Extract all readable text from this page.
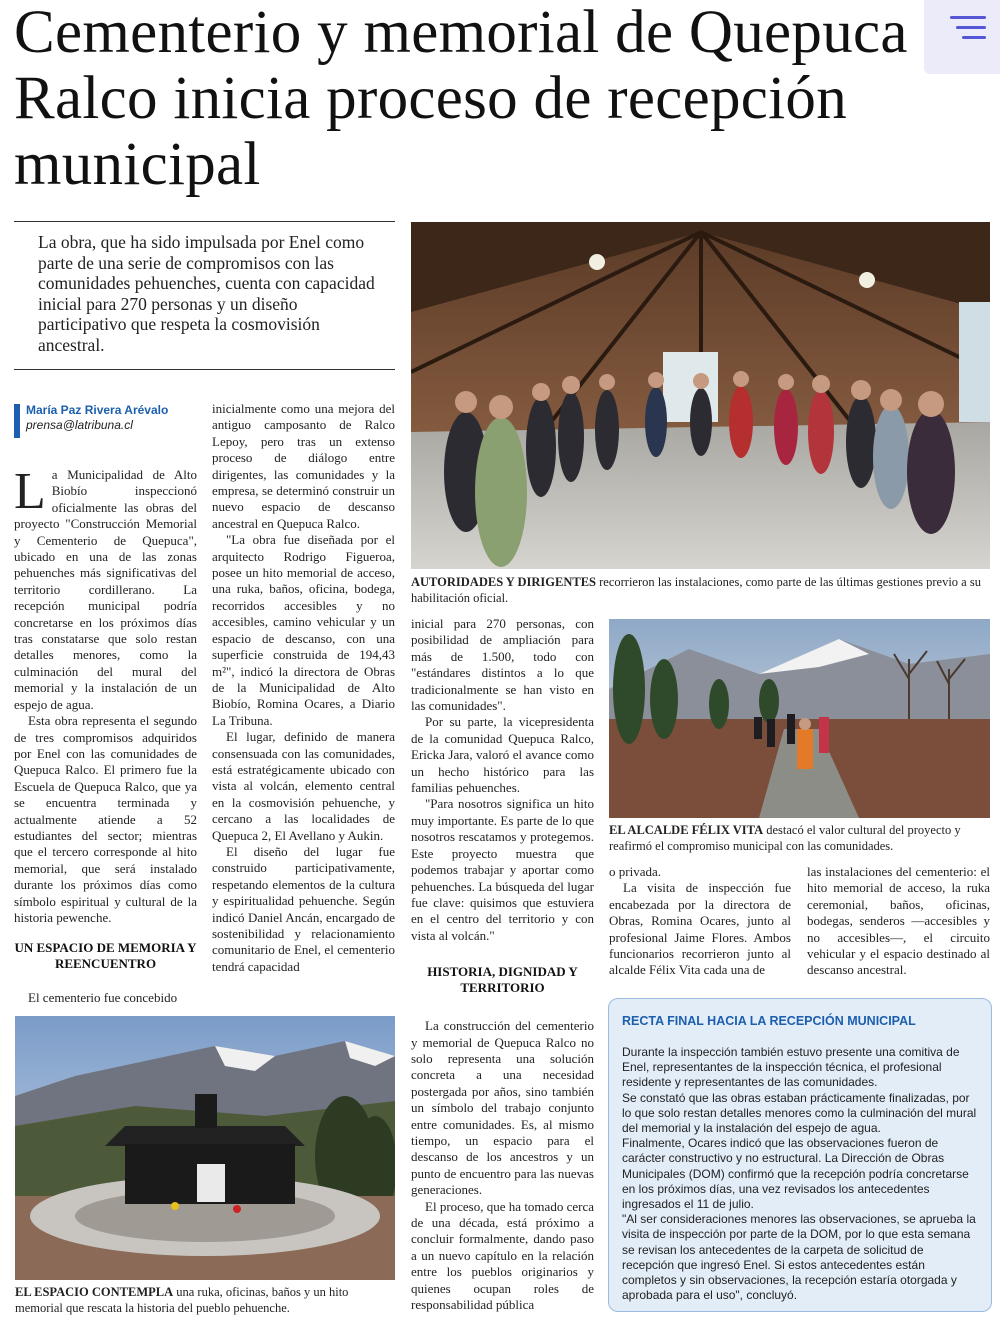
Cementerio y memorial de Quepuca Ralco inicia proceso de recepción municipal
La obra, que ha sido impulsada por Enel como parte de una serie de compromisos con las comunidades pehuenches, cuenta con capacidad inicial para 270 personas y un diseño participativo que respeta la cosmovisión ancestral.
María Paz Rivera Arévalo
prensa@latribuna.cl

La Municipalidad de Alto Biobío inspeccionó oficialmente las obras del proyecto "Construcción Memorial y Cementerio de Quepuca", ubicado en una de las zonas pehuenches más significativas del territorio cordillerano. La recepción municipal podría concretarse en los próximos días tras constatarse que solo restan detalles menores, como la culminación del mural del memorial y la instalación de un espejo de agua.

Esta obra representa el segundo de tres compromisos adquiridos por Enel con las comunidades de Quepuca Ralco. El primero fue la Escuela de Quepuca Ralco, que ya se encuentra terminada y actualmente atiende a 52 estudiantes del sector; mientras que el tercero corresponde al hito memorial, que será instalado durante los próximos días como símbolo espiritual y cultural de la historia pewenche.

UN ESPACIO DE MEMORIA Y REENCUENTRO

El cementerio fue concebido

inicialmente como una mejora del antiguo camposanto de Ralco Lepoy, pero tras un extenso proceso de diálogo entre dirigentes, las comunidades y la empresa, se determinó construir un nuevo espacio de descanso ancestral en Quepuca Ralco.

"La obra fue diseñada por el arquitecto Rodrigo Figueroa, posee un hito memorial de acceso, una ruka, baños, oficina, bodega, recorridos accesibles y no accesibles, camino vehicular y un espacio de descanso, con una superficie construida de 194,43 m²", indicó la directora de Obras de la Municipalidad de Alto Biobío, Romina Ocares, a Diario La Tribuna.

El lugar, definido de manera consensuada con las comunidades, está estratégicamente ubicado con vista al volcán, elemento central en la cosmovisión pehuenche, y cercano a las localidades de Quepuca 2, El Avellano y Aukin.

El diseño del lugar fue construido participativamente, respetando elementos de la cultura y espiritualidad pehuenche. Según indicó Daniel Ancán, encargado de sostenibilidad y relacionamiento comunitario de Enel, el cementerio tendrá capacidad

AUTORIDADES Y DIRIGENTES recorrieron las instalaciones, como parte de las últimas gestiones previo a su habilitación oficial.

inicial para 270 personas, con posibilidad de ampliación para más de 1.500, todo con "estándares distintos a lo que tradicionalmente se han visto en las comunidades".

Por su parte, la vicepresidenta de la comunidad Quepuca Ralco, Ericka Jara, valoró el avance como un hecho histórico para las familias pehuenches.

"Para nosotros significa un hito muy importante. Es parte de lo que nosotros rescatamos y protegemos. Este proyecto muestra que podemos trabajar y aportar como pehuenches. La búsqueda del lugar fue clave: quisimos que estuviera en el centro del territorio y con vista al volcán."

HISTORIA, DIGNIDAD Y TERRITORIO

La construcción del cementerio y memorial de Quepuca Ralco no solo representa una solución concreta a una necesidad postergada por años, sino también un símbolo del trabajo conjunto entre comunidades. Es, al mismo tiempo, un espacio para el descanso de los ancestros y un punto de encuentro para las nuevas generaciones.

El proceso, que ha tomado cerca de una década, está próximo a concluir formalmente, dando paso a un nuevo capítulo en la relación entre los pueblos originarios y quienes ocupan roles de responsabilidad pública

EL ALCALDE FÉLIX VITA destacó el valor cultural del proyecto y reafirmó el compromiso municipal con las comunidades.

o privada.

La visita de inspección fue encabezada por la directora de Obras, Romina Ocares, junto al profesional Jaime Flores. Ambos funcionarios recorrieron junto al alcalde Félix Vita cada una de

las instalaciones del cementerio: el hito memorial de acceso, la ruka ceremonial, baños, oficinas, bodegas, senderos —accesibles y no accesibles—, el circuito vehicular y el espacio destinado al descanso ancestral.

EL ESPACIO CONTEMPLA una ruka, oficinas, baños y un hito memorial que rescata la historia del pueblo pehuenche.
RECTA FINAL HACIA LA RECEPCIÓN MUNICIPAL

Durante la inspección también estuvo presente una comitiva de Enel, representantes de la inspección técnica, el profesional residente y representantes de las comunidades.

Se constató que las obras estaban prácticamente finalizadas, por lo que solo restan detalles menores como la culminación del mural del memorial y la instalación del espejo de agua.

Finalmente, Ocares indicó que las observaciones fueron de carácter constructivo y no estructural. La Dirección de Obras Municipales (DOM) confirmó que la recepción podría concretarse en los próximos días, una vez revisados los antecedentes ingresados el 11 de julio.

"Al ser consideraciones menores las observaciones, se aprueba la visita de inspección por parte de la DOM, por lo que esta semana se revisan los antecedentes de la carpeta de solicitud de recepción que ingresó Enel. Si estos antecedentes están completos y sin observaciones, la recepción estaría otorgada y aprobada para el uso", concluyó.
